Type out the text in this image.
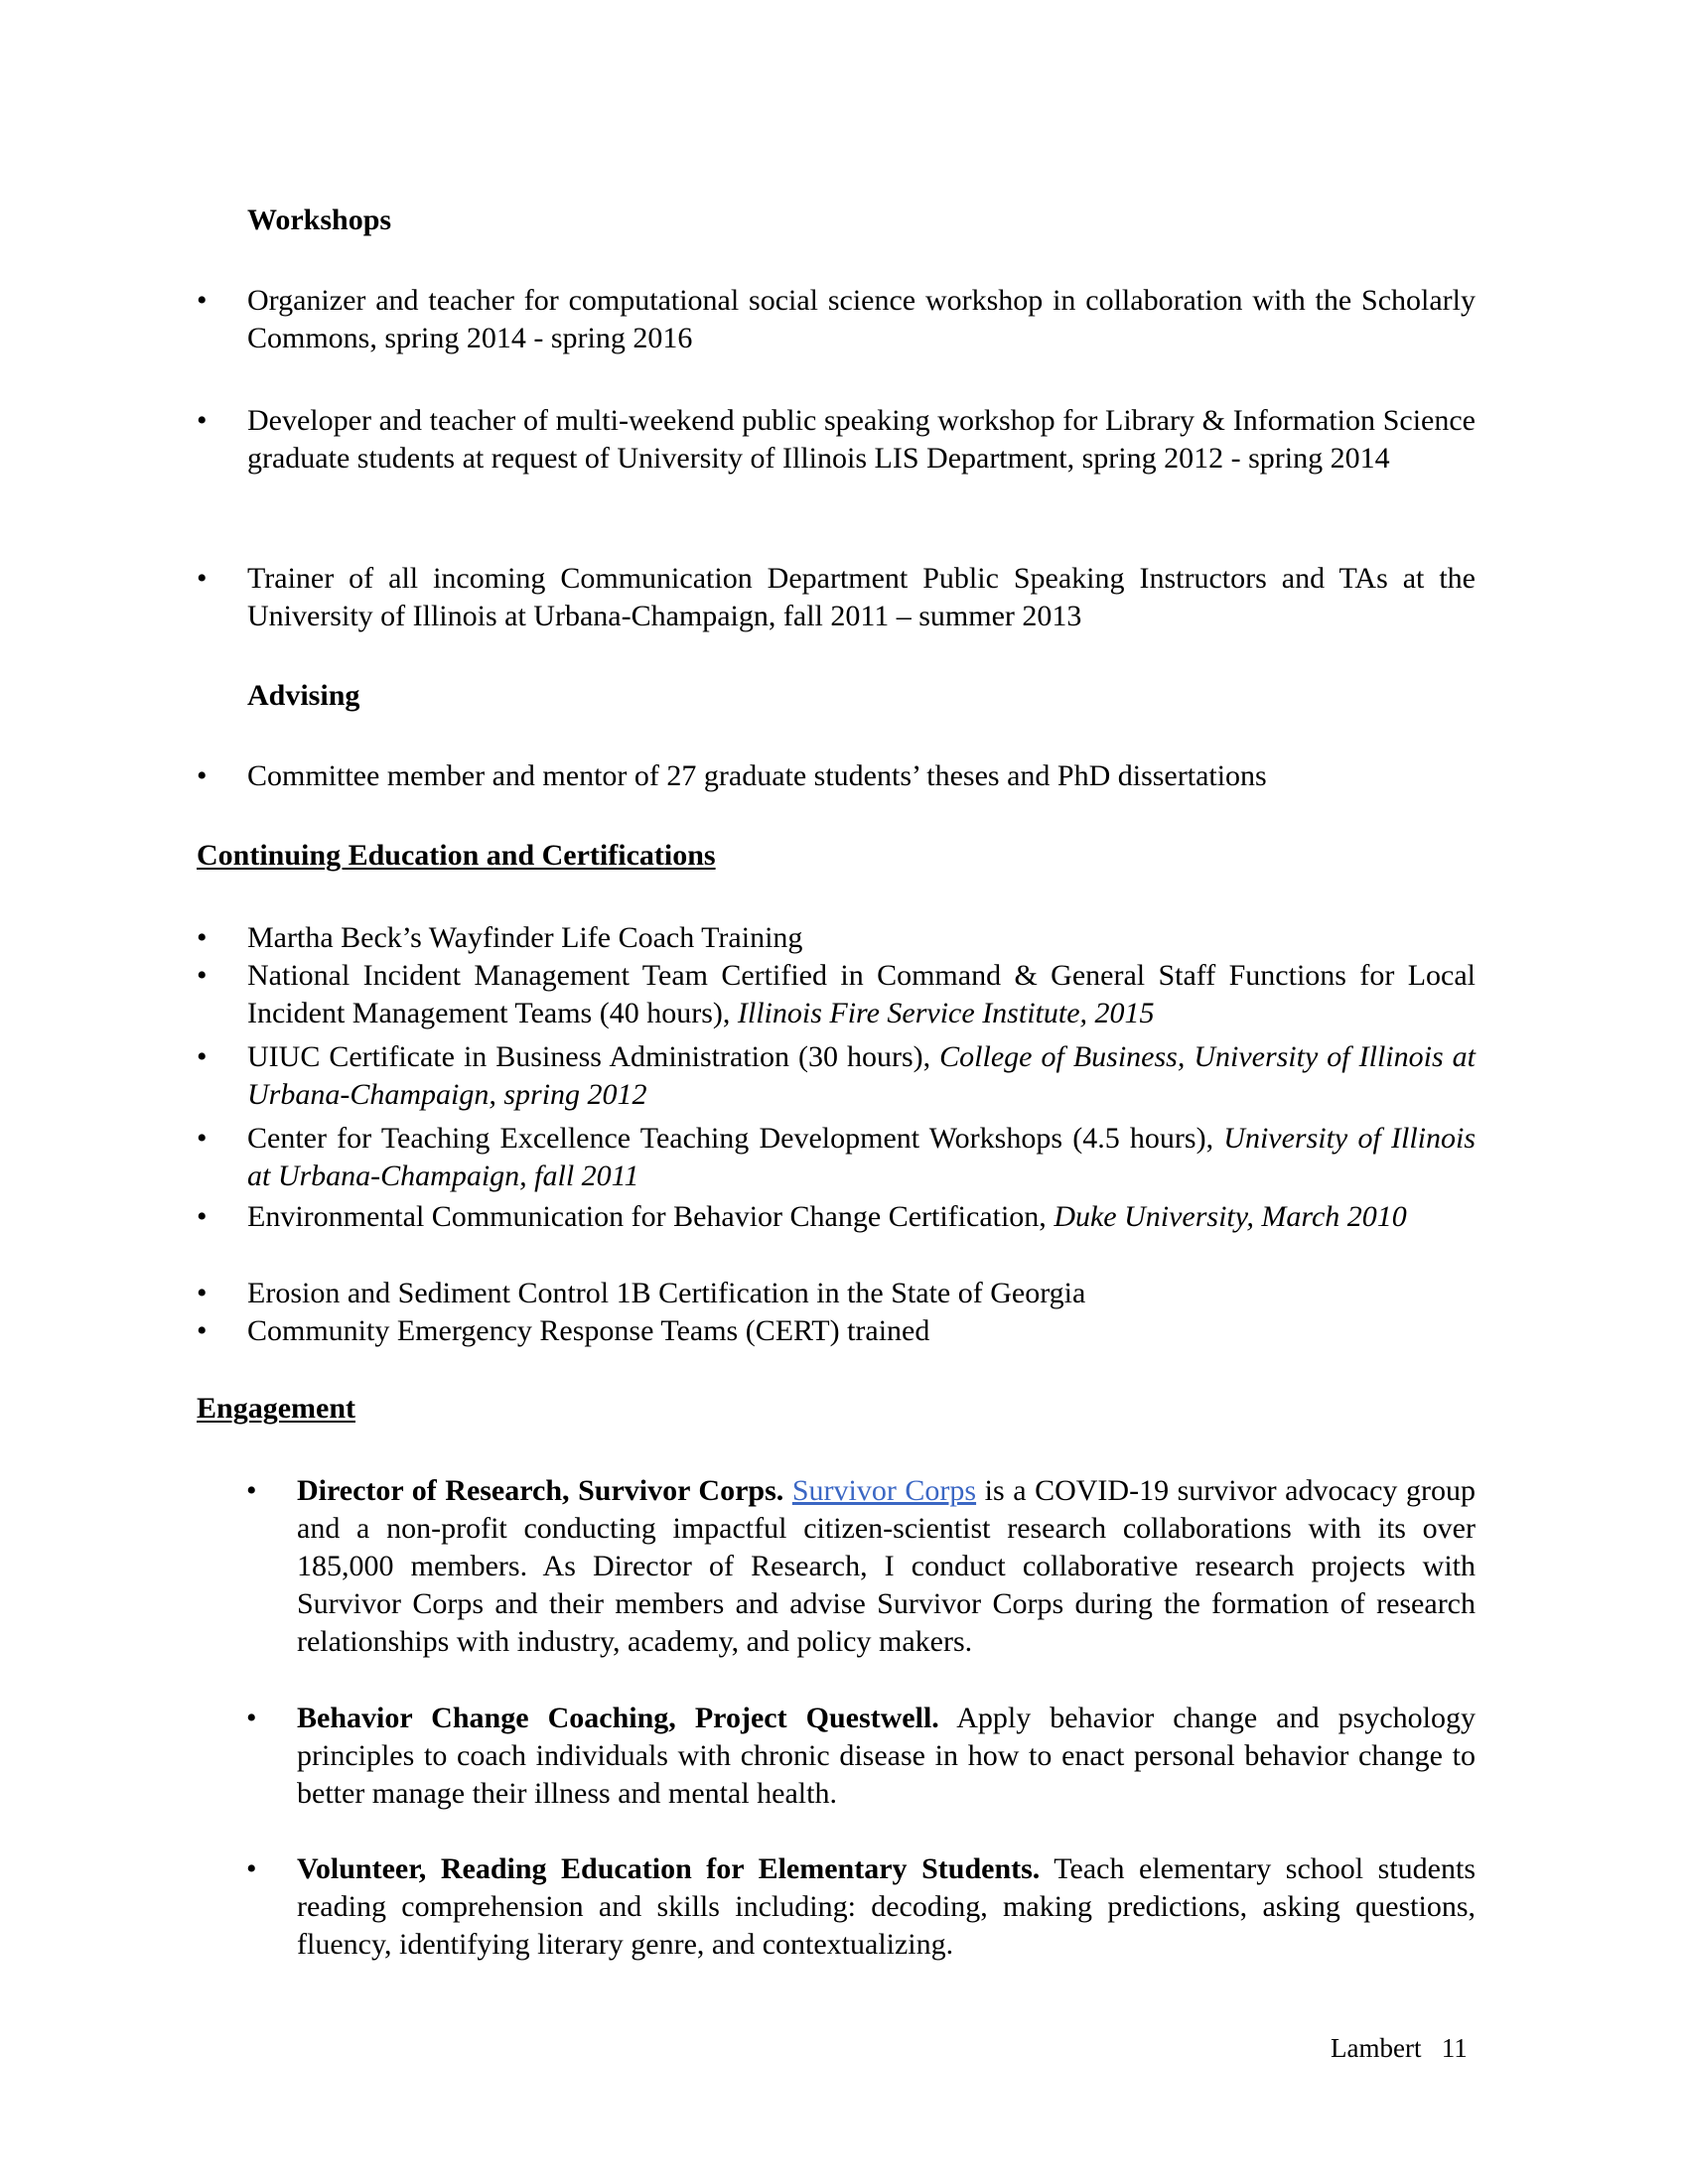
Workshops
•	Organizer and teacher for computational social science workshop in collaboration with the Scholarly Commons, spring 2014 - spring 2016
•	Developer and teacher of multi-weekend public speaking workshop for Library & Information Science graduate students at request of University of Illinois LIS Department, spring 2012 - spring 2014
•	Trainer of all incoming Communication Department Public Speaking Instructors and TAs at the University of Illinois at Urbana-Champaign, fall 2011 – summer 2013
Advising
•	Committee member and mentor of 27 graduate students’ theses and PhD dissertations
Continuing Education and Certifications
•	Martha Beck’s Wayfinder Life Coach Training
•	National Incident Management Team Certified in Command & General Staff Functions for Local Incident Management Teams (40 hours), Illinois Fire Service Institute, 2015
•	UIUC Certificate in Business Administration (30 hours), College of Business, University of Illinois at Urbana-Champaign, spring 2012
•	Center for Teaching Excellence Teaching Development Workshops (4.5 hours), University of Illinois at Urbana-Champaign, fall 2011
•	Environmental Communication for Behavior Change Certification, Duke University, March 2010
•	Erosion and Sediment Control 1B Certification in the State of Georgia
•	Community Emergency Response Teams (CERT) trained
Engagement
• Director of Research, Survivor Corps. Survivor Corps is a COVID-19 survivor advocacy group and a non-profit conducting impactful citizen-scientist research collaborations with its over 185,000 members. As Director of Research, I conduct collaborative research projects with Survivor Corps and their members and advise Survivor Corps during the formation of research relationships with industry, academy, and policy makers.
• Behavior Change Coaching, Project Questwell. Apply behavior change and psychology principles to coach individuals with chronic disease in how to enact personal behavior change to better manage their illness and mental health.
• Volunteer, Reading Education for Elementary Students. Teach elementary school students reading comprehension and skills including: decoding, making predictions, asking questions, fluency, identifying literary genre, and contextualizing.
Lambert 11
